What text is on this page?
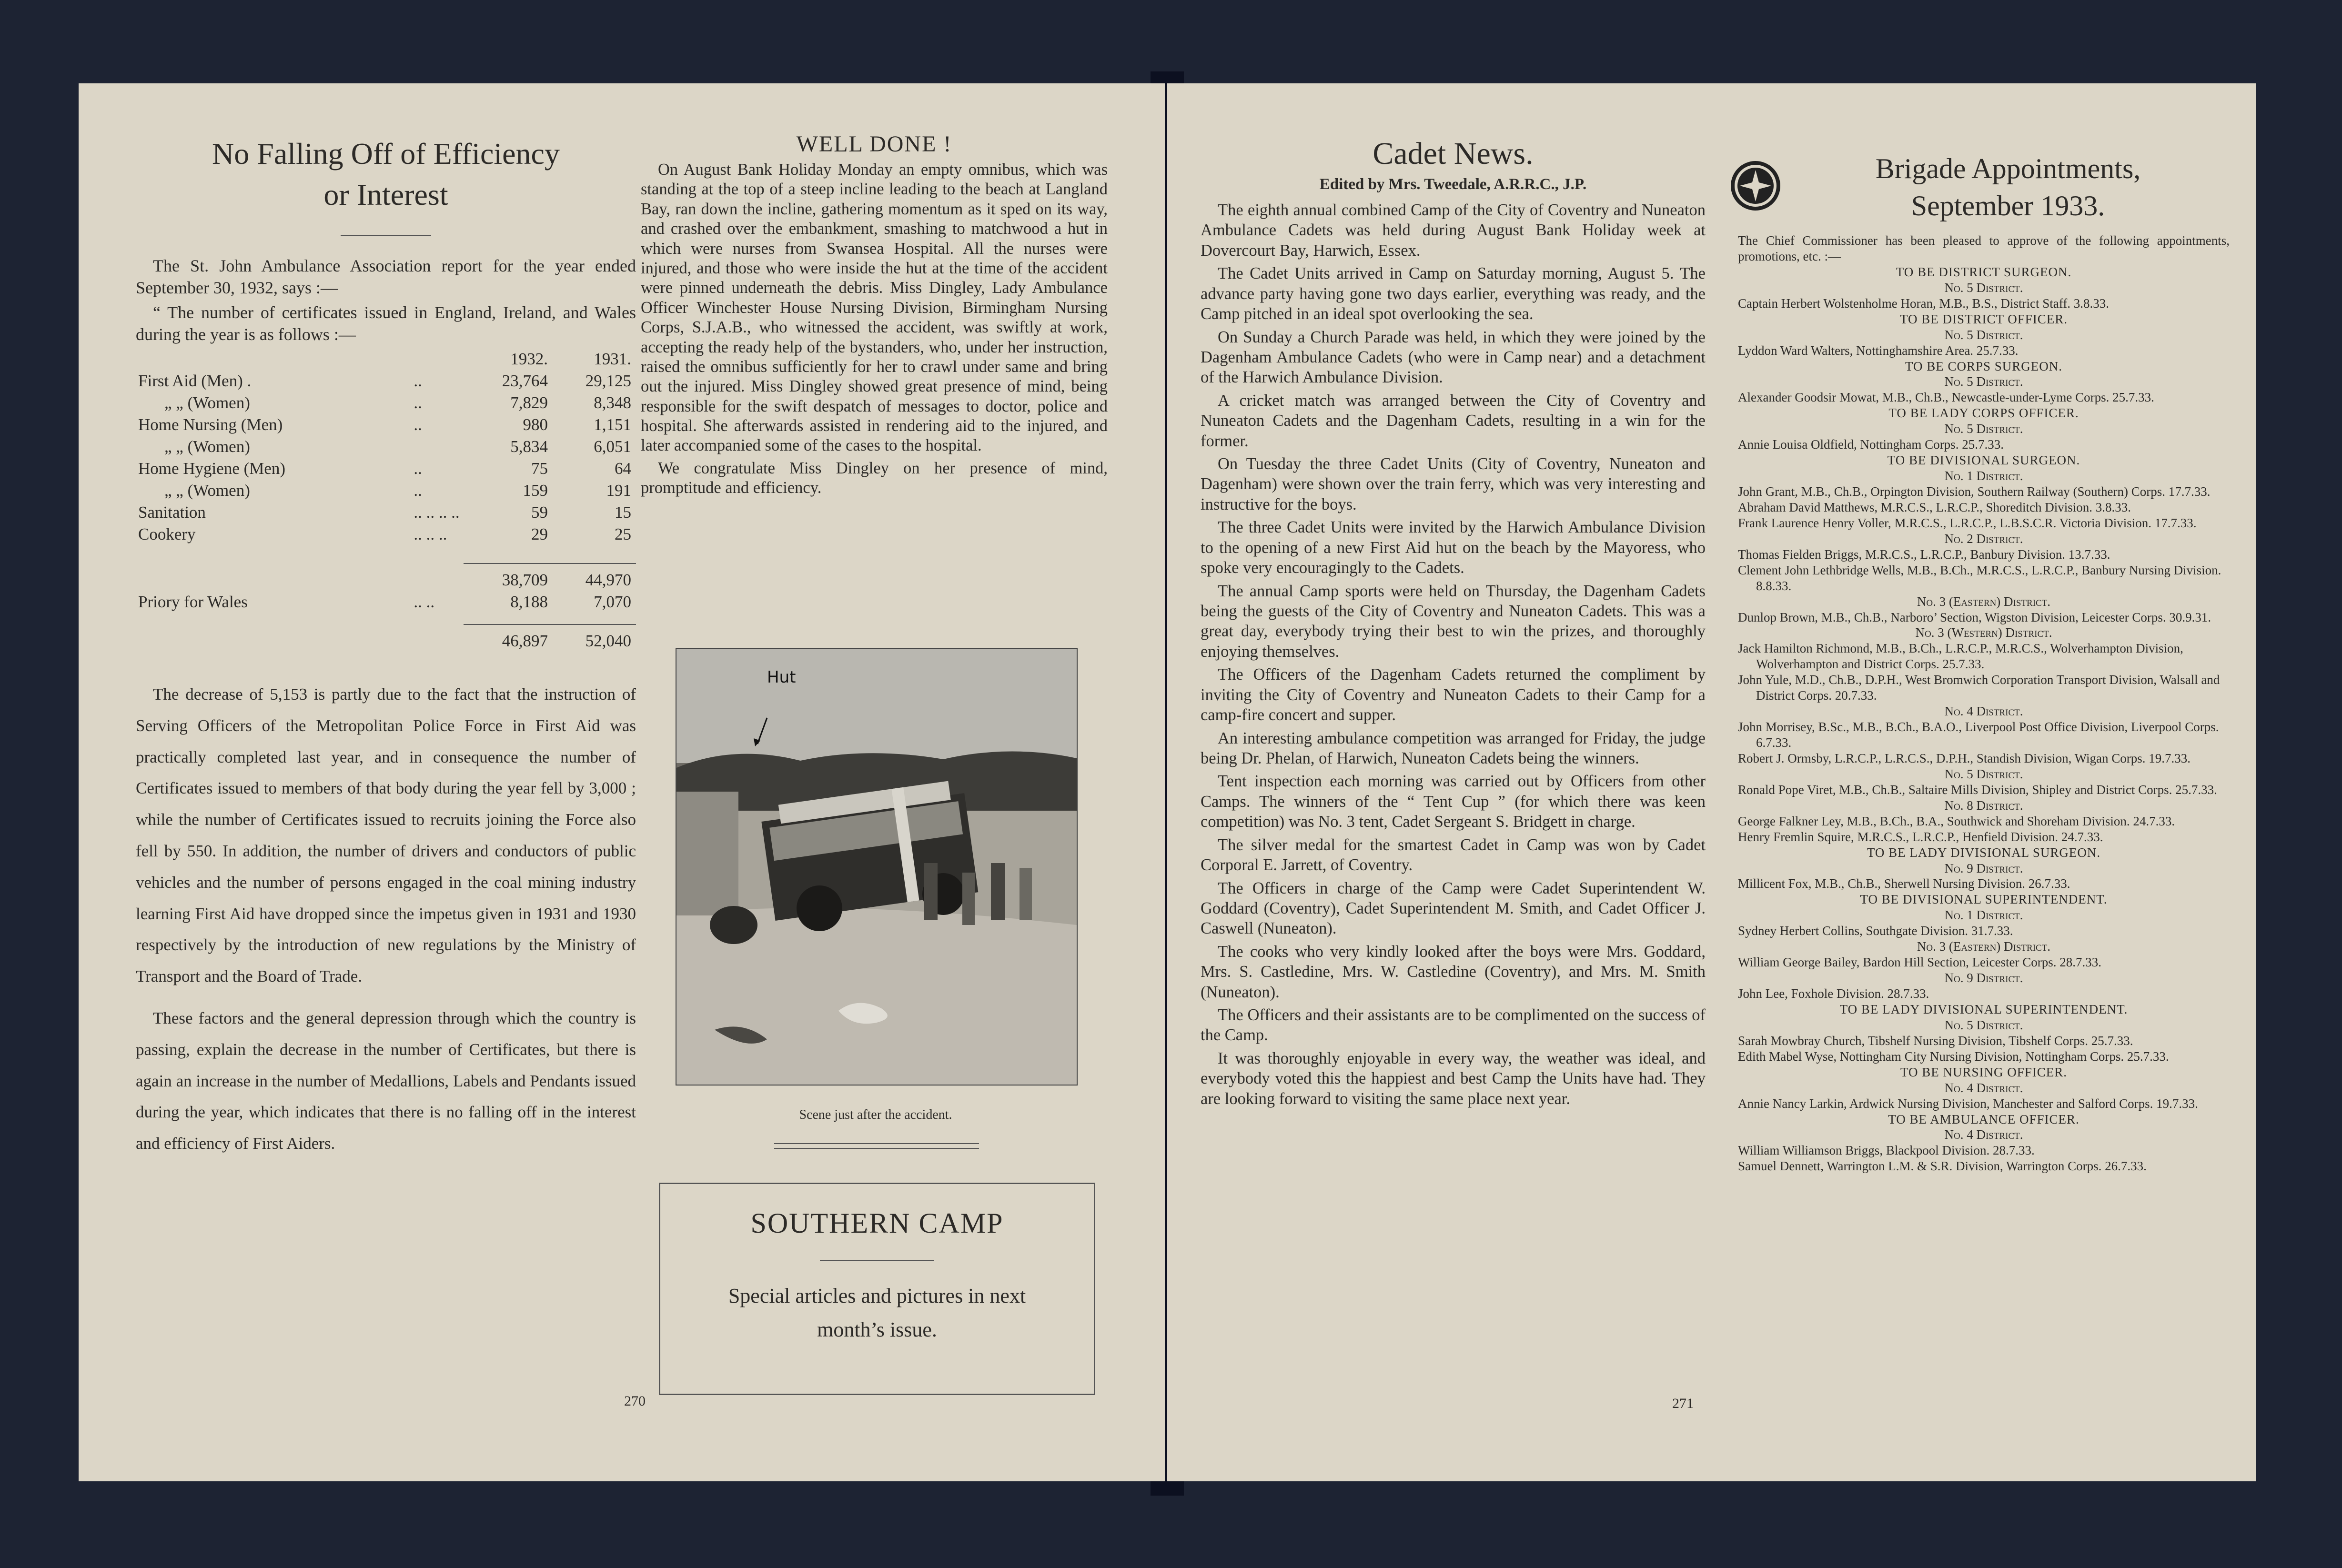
No Falling Off of Efficiency
or Interest

The St. John Ambulance Association report for the year ended September 30, 1932, says :—

“ The number of certificates issued in England, Ireland, and Wales during the year is as follows :—

		1932.	1931.
First Aid (Men) .	..	23,764	29,125
„ „ (Women)	..	7,829	8,348
Home Nursing (Men)	..	980	1,151
„ „ (Women)		5,834	6,051
Home Hygiene (Men)	..	75	64
„ „ (Women)	..	159	191
Sanitation	.. .. .. ..	59	15
Cookery	.. .. ..	29	25

		38,709	44,970
Priory for Wales	.. ..	8,188	7,070

		46,897	52,040

The decrease of 5,153 is partly due to the fact that the instruction of Serving Officers of the Metropolitan Police Force in First Aid was practically completed last year, and in consequence the number of Certificates issued to members of that body during the year fell by 3,000 ; while the number of Certificates issued to recruits joining the Force also fell by 550. In addition, the number of drivers and conductors of public vehicles and the number of persons engaged in the coal mining industry learning First Aid have dropped since the impetus given in 1931 and 1930 respectively by the introduction of new regulations by the Ministry of Transport and the Board of Trade.

These factors and the general depression through which the country is passing, explain the decrease in the number of Certificates, but there is again an increase in the number of Medallions, Labels and Pendants issued during the year, which indicates that there is no falling off in the interest and efficiency of First Aiders.

WELL DONE !

On August Bank Holiday Monday an empty omnibus, which was standing at the top of a steep incline leading to the beach at Langland Bay, ran down the incline, gathering momentum as it sped on its way, and crashed over the embankment, smashing to matchwood a hut in which were nurses from Swansea Hospital. All the nurses were injured, and those who were inside the hut at the time of the accident were pinned underneath the debris. Miss Dingley, Lady Ambulance Officer Winchester House Nursing Division, Birmingham Nursing Corps, S.J.A.B., who witnessed the accident, was swiftly at work, accepting the ready help of the bystanders, who, under her instruction, raised the omnibus sufficiently for her to crawl under same and bring out the injured. Miss Dingley showed great presence of mind, being responsible for the swift despatch of messages to doctor, police and hospital. She afterwards assisted in rendering aid to the injured, and later accompanied some of the cases to the hospital.

We congratulate Miss Dingley on her presence of mind, promptitude and efficiency.

Hut
Scene just after the accident.
SOUTHERN CAMP
Special articles and pictures in next month’s issue.
270
Cadet News.
Edited by Mrs. Tweedale, A.R.R.C., J.P.

The eighth annual combined Camp of the City of Coventry and Nuneaton Ambulance Cadets was held during August Bank Holiday week at Dovercourt Bay, Harwich, Essex.

The Cadet Units arrived in Camp on Saturday morning, August 5. The advance party having gone two days earlier, everything was ready, and the Camp pitched in an ideal spot overlooking the sea.

On Sunday a Church Parade was held, in which they were joined by the Dagenham Ambulance Cadets (who were in Camp near) and a detachment of the Harwich Ambulance Division.

A cricket match was arranged between the City of Coventry and Nuneaton Cadets and the Dagenham Cadets, resulting in a win for the former.

On Tuesday the three Cadet Units (City of Coventry, Nuneaton and Dagenham) were shown over the train ferry, which was very interesting and instructive for the boys.

The three Cadet Units were invited by the Harwich Ambulance Division to the opening of a new First Aid hut on the beach by the Mayoress, who spoke very encouragingly to the Cadets.

The annual Camp sports were held on Thursday, the Dagenham Cadets being the guests of the City of Coventry and Nuneaton Cadets. This was a great day, everybody trying their best to win the prizes, and thoroughly enjoying themselves.

The Officers of the Dagenham Cadets returned the compliment by inviting the City of Coventry and Nuneaton Cadets to their Camp for a camp-fire concert and supper.

An interesting ambulance competition was arranged for Friday, the judge being Dr. Phelan, of Harwich, Nuneaton Cadets being the winners.

Tent inspection each morning was carried out by Officers from other Camps. The winners of the “ Tent Cup ” (for which there was keen competition) was No. 3 tent, Cadet Sergeant S. Bridgett in charge.

The silver medal for the smartest Cadet in Camp was won by Cadet Corporal E. Jarrett, of Coventry.

The Officers in charge of the Camp were Cadet Superintendent W. Goddard (Coventry), Cadet Superintendent M. Smith, and Cadet Officer J. Caswell (Nuneaton).

The cooks who very kindly looked after the boys were Mrs. Goddard, Mrs. S. Castledine, Mrs. W. Castledine (Coventry), and Mrs. M. Smith (Nuneaton).

The Officers and their assistants are to be complimented on the success of the Camp.

It was thoroughly enjoyable in every way, the weather was ideal, and everybody voted this the happiest and best Camp the Units have had. They are looking forward to visiting the same place next year.

Brigade Appointments,
September 1933.
The Chief Commissioner has been pleased to approve of the following appointments, promotions, etc. :—
TO BE DISTRICT SURGEON.
No. 5 District.
Captain Herbert Wolstenholme Horan, M.B., B.S., District Staff. 3.8.33.
TO BE DISTRICT OFFICER.
No. 5 District.
Lyddon Ward Walters, Nottinghamshire Area. 25.7.33.
TO BE CORPS SURGEON.
No. 5 District.
Alexander Goodsir Mowat, M.B., Ch.B., Newcastle-under-Lyme Corps. 25.7.33.
TO BE LADY CORPS OFFICER.
No. 5 District.
Annie Louisa Oldfield, Nottingham Corps. 25.7.33.
TO BE DIVISIONAL SURGEON.
No. 1 District.
John Grant, M.B., Ch.B., Orpington Division, Southern Railway (Southern) Corps. 17.7.33.
Abraham David Matthews, M.R.C.S., L.R.C.P., Shoreditch Division. 3.8.33.
Frank Laurence Henry Voller, M.R.C.S., L.R.C.P., L.B.S.C.R. Victoria Division. 17.7.33.
No. 2 District.
Thomas Fielden Briggs, M.R.C.S., L.R.C.P., Banbury Division. 13.7.33.
Clement John Lethbridge Wells, M.B., B.Ch., M.R.C.S., L.R.C.P., Banbury Nursing Division. 8.8.33.
No. 3 (Eastern) District.
Dunlop Brown, M.B., Ch.B., Narboro’ Section, Wigston Division, Leicester Corps. 30.9.31.
No. 3 (Western) District.
Jack Hamilton Richmond, M.B., B.Ch., L.R.C.P., M.R.C.S., Wolverhampton Division, Wolverhampton and District Corps. 25.7.33.
John Yule, M.D., Ch.B., D.P.H., West Bromwich Corporation Transport Division, Walsall and District Corps. 20.7.33.
No. 4 District.
John Morrisey, B.Sc., M.B., B.Ch., B.A.O., Liverpool Post Office Division, Liverpool Corps. 6.7.33.
Robert J. Ormsby, L.R.C.P., L.R.C.S., D.P.H., Standish Division, Wigan Corps. 19.7.33.
No. 5 District.
Ronald Pope Viret, M.B., Ch.B., Saltaire Mills Division, Shipley and District Corps. 25.7.33.
No. 8 District.
George Falkner Ley, M.B., B.Ch., B.A., Southwick and Shoreham Division. 24.7.33.
Henry Fremlin Squire, M.R.C.S., L.R.C.P., Henfield Division. 24.7.33.
TO BE LADY DIVISIONAL SURGEON.
No. 9 District.
Millicent Fox, M.B., Ch.B., Sherwell Nursing Division. 26.7.33.
TO BE DIVISIONAL SUPERINTENDENT.
No. 1 District.
Sydney Herbert Collins, Southgate Division. 31.7.33.
No. 3 (Eastern) District.
William George Bailey, Bardon Hill Section, Leicester Corps. 28.7.33.
No. 9 District.
John Lee, Foxhole Division. 28.7.33.
TO BE LADY DIVISIONAL SUPERINTENDENT.
No. 5 District.
Sarah Mowbray Church, Tibshelf Nursing Division, Tibshelf Corps. 25.7.33.
Edith Mabel Wyse, Nottingham City Nursing Division, Nottingham Corps. 25.7.33.
TO BE NURSING OFFICER.
No. 4 District.
Annie Nancy Larkin, Ardwick Nursing Division, Manchester and Salford Corps. 19.7.33.
TO BE AMBULANCE OFFICER.
No. 4 District.
William Williamson Briggs, Blackpool Division. 28.7.33.
Samuel Dennett, Warrington L.M. & S.R. Division, Warrington Corps. 26.7.33.
271
